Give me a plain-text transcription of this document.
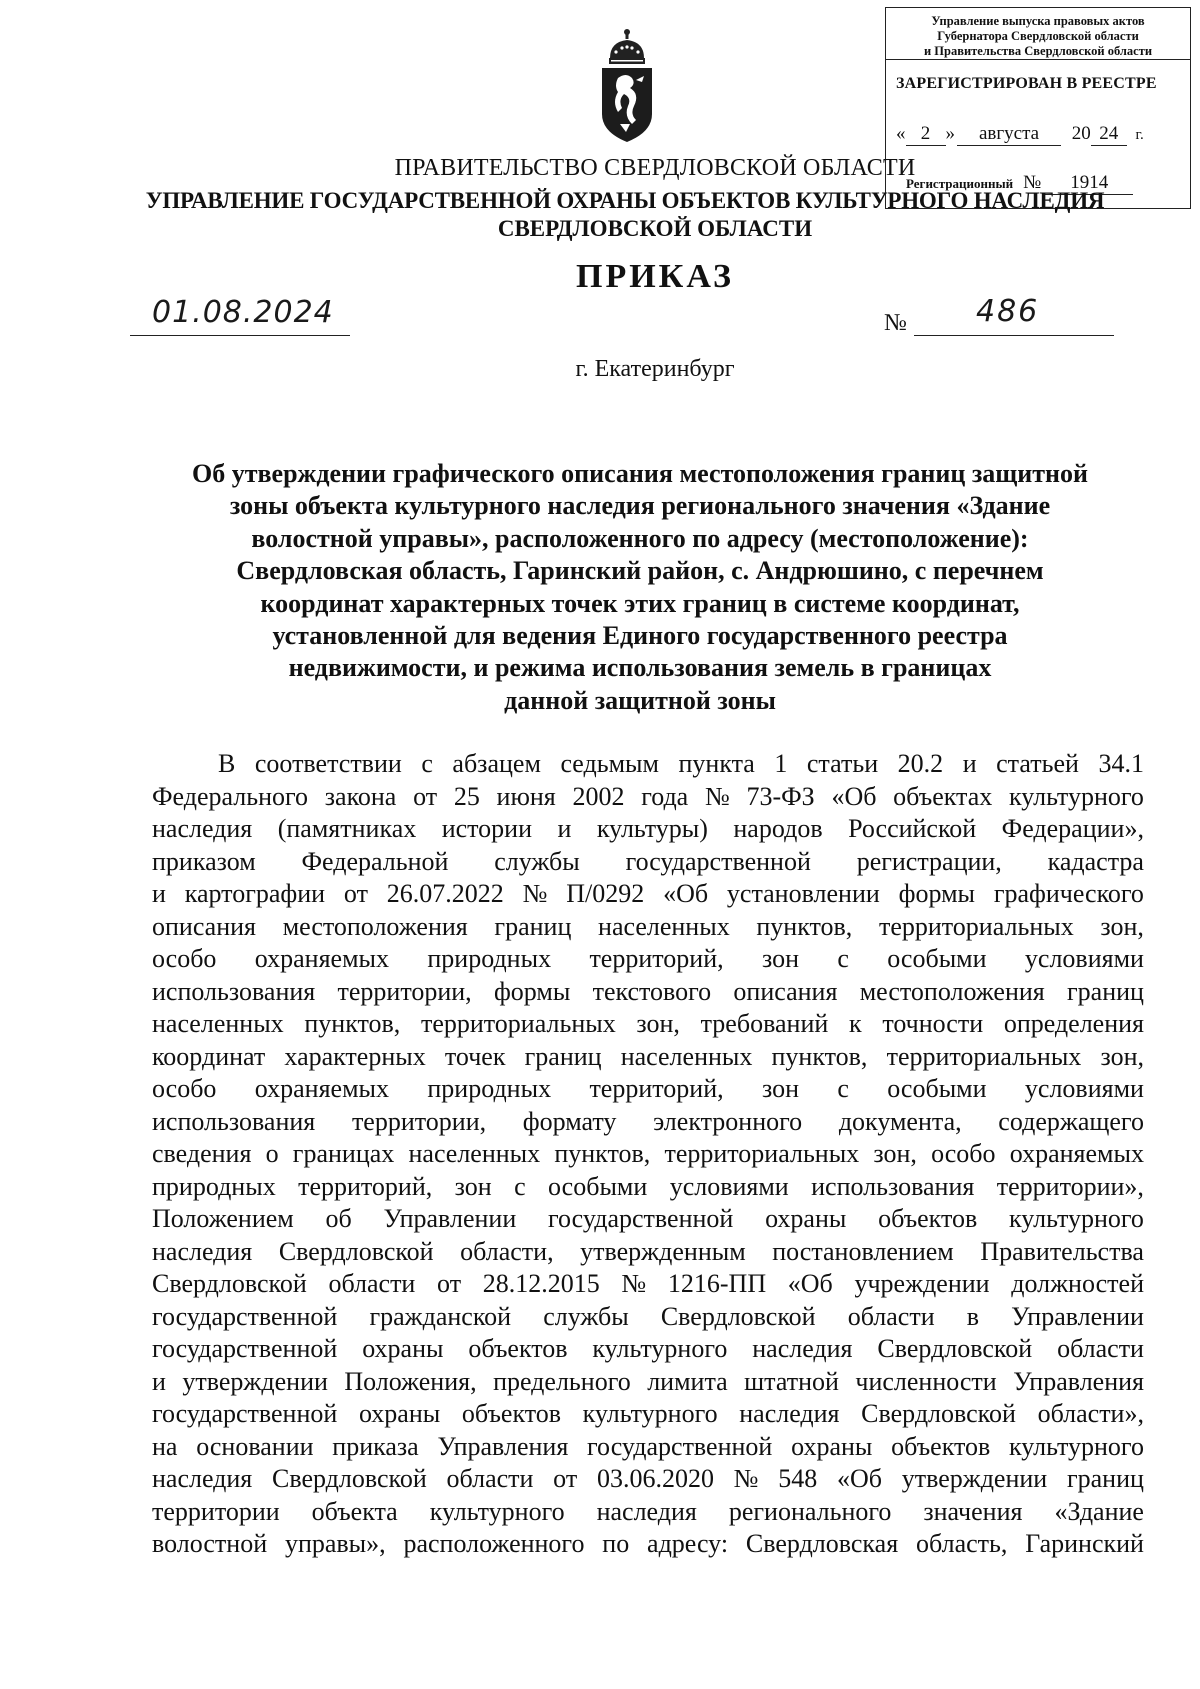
Управление выпуска правовых актов
Губернатора Свердловской области
и Правительства Свердловской области
ЗАРЕГИСТРИРОВАН В РЕЕСТРЕ
« 2 » августа 20 24 г.
Регистрационный № 1914
ПРАВИТЕЛЬСТВО СВЕРДЛОВСКОЙ ОБЛАСТИ
УПРАВЛЕНИЕ ГОСУДАРСТВЕННОЙ ОХРАНЫ ОБЪЕКТОВ КУЛЬТУРНОГО НАСЛЕДИЯ
СВЕРДЛОВСКОЙ ОБЛАСТИ
ПРИКАЗ
01.08.2024	№	486
г. Екатеринбург
Об утверждении графического описания местоположения границ защитной
зоны объекта культурного наследия регионального значения «Здание
волостной управы», расположенного по адресу (местоположение):
Свердловская область, Гаринский район, с. Андрюшино, с перечнем
координат характерных точек этих границ в системе координат,
установленной для ведения Единого государственного реестра
недвижимости, и режима использования земель в границах
данной защитной зоны
В соответствии с абзацем седьмым пункта 1 статьи 20.2 и статьей 34.1
Федерального закона от 25 июня 2002 года № 73-ФЗ «Об объектах культурного
наследия (памятниках истории и культуры) народов Российской Федерации»,
приказом Федеральной службы государственной регистрации, кадастра
и картографии от 26.07.2022 № П/0292 «Об установлении формы графического
описания местоположения границ населенных пунктов, территориальных зон,
особо охраняемых природных территорий, зон с особыми условиями
использования территории, формы текстового описания местоположения границ
населенных пунктов, территориальных зон, требований к точности определения
координат характерных точек границ населенных пунктов, территориальных зон,
особо охраняемых природных территорий, зон с особыми условиями
использования территории, формату электронного документа, содержащего
сведения о границах населенных пунктов, территориальных зон, особо охраняемых
природных территорий, зон с особыми условиями использования территории»,
Положением об Управлении государственной охраны объектов культурного
наследия Свердловской области, утвержденным постановлением Правительства
Свердловской области от 28.12.2015 № 1216-ПП «Об учреждении должностей
государственной гражданской службы Свердловской области в Управлении
государственной охраны объектов культурного наследия Свердловской области
и утверждении Положения, предельного лимита штатной численности Управления
государственной охраны объектов культурного наследия Свердловской области»,
на основании приказа Управления государственной охраны объектов культурного
наследия Свердловской области от 03.06.2020 № 548 «Об утверждении границ
территории объекта культурного наследия регионального значения «Здание
волостной управы», расположенного по адресу: Свердловская область, Гаринский
